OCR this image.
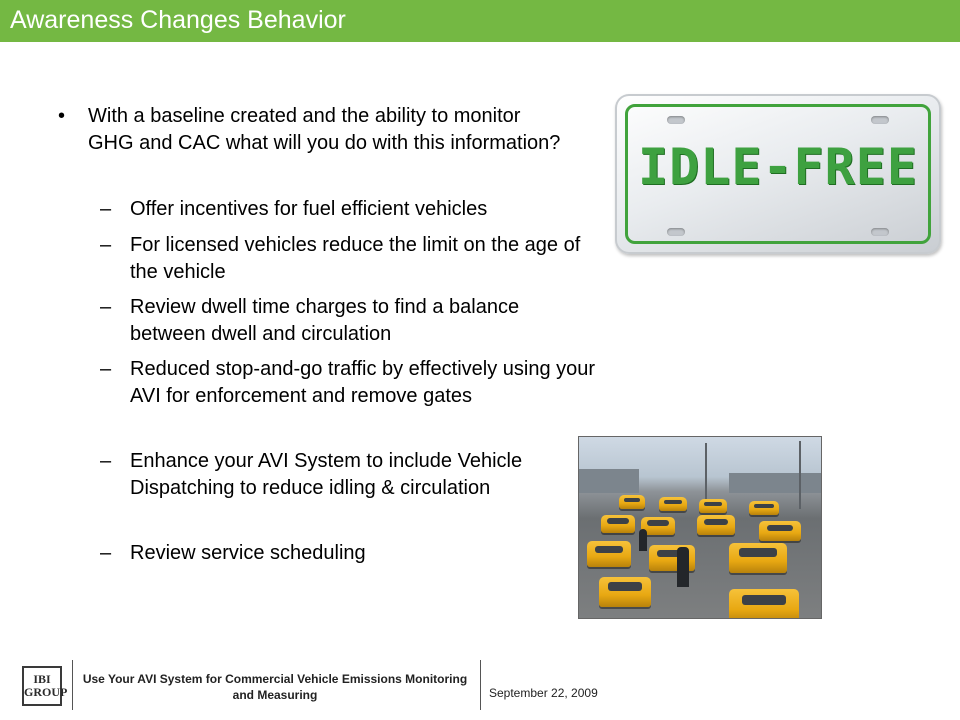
Awareness Changes Behavior
• With a baseline created and the ability to monitor GHG and CAC what will you do with this information?
– Offer incentives for fuel efficient vehicles
– For licensed vehicles reduce the limit on the age of the vehicle
– Review dwell time charges to find a balance between dwell and circulation
– Reduced stop-and-go traffic by effectively using your AVI for enforcement and remove gates
– Enhance your AVI System to include Vehicle Dispatching to reduce idling & circulation
– Review service scheduling
IDLE-FREE
IBI GROUP
Use Your AVI System for Commercial Vehicle Emissions Monitoring and Measuring	September 22, 2009
